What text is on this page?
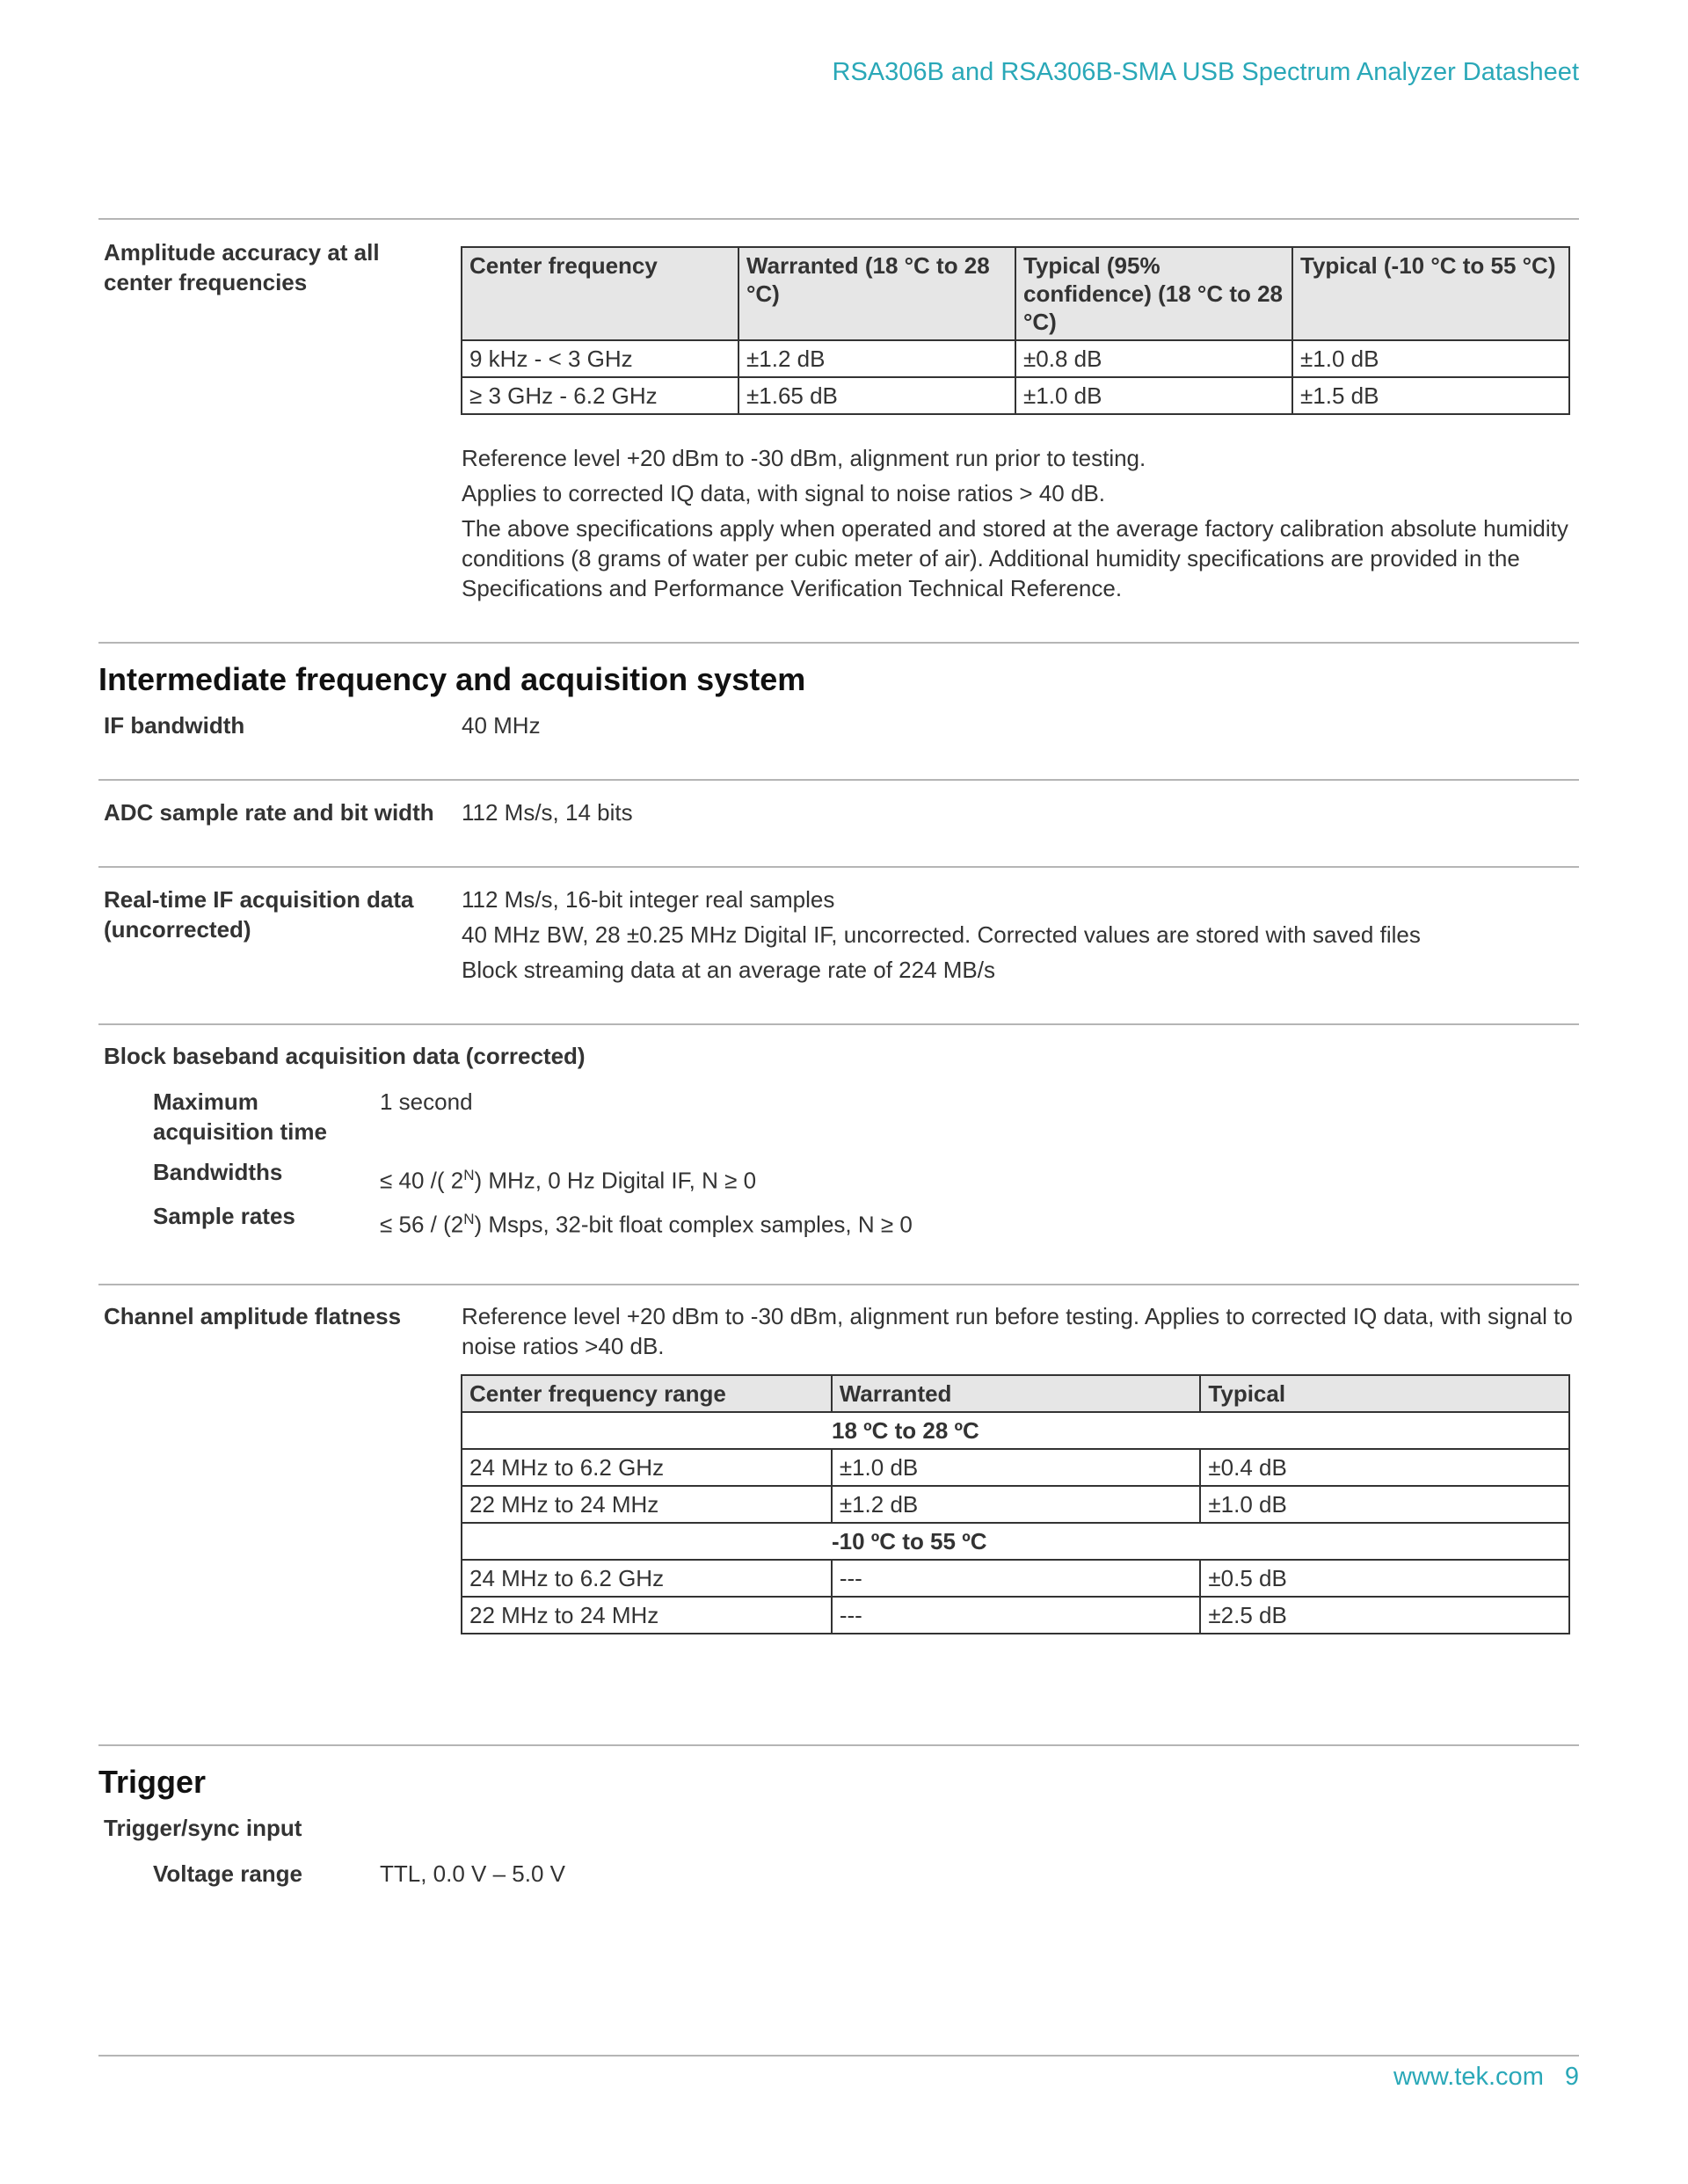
RSA306B and RSA306B-SMA USB Spectrum Analyzer Datasheet
Amplitude accuracy at all center frequencies
Center frequency	Warranted (18 °C to 28 °C)	Typical (95% confidence) (18 °C to 28 °C)	Typical (-10 °C to 55 °C)
9 kHz - < 3 GHz	±1.2 dB	±0.8 dB	±1.0 dB
≥ 3 GHz - 6.2 GHz	±1.65 dB	±1.0 dB	±1.5 dB
Reference level +20 dBm to -30 dBm, alignment run prior to testing.
Applies to corrected IQ data, with signal to noise ratios > 40 dB.
The above specifications apply when operated and stored at the average factory calibration absolute humidity conditions (8 grams of water per cubic meter of air). Additional humidity specifications are provided in the Specifications and Performance Verification Technical Reference.
Intermediate frequency and acquisition system
IF bandwidth	40 MHz
ADC sample rate and bit width 112 Ms/s, 14 bits
Real-time IF acquisition data (uncorrected)
112 Ms/s, 16-bit integer real samples
40 MHz BW, 28 ±0.25 MHz Digital IF, uncorrected. Corrected values are stored with saved files
Block streaming data at an average rate of 224 MB/s
Block baseband acquisition data (corrected)
Maximum acquisition time
1 second
Bandwidths	≤ 40 /( $2^N$) MHz, 0 Hz Digital IF, N ≥ 0
Sample rates	≤ $56 / (2^N)$ Msps, 32-bit float complex samples, N ≥ 0
Channel amplitude flatness	Reference level +20 dBm to -30 dBm, alignment run before testing. Applies to corrected IQ data, with signal to noise ratios >40 dB.
Center frequency range	Warranted	Typical
18 ºC to 28 ºC		
24 MHz to 6.2 GHz	±1.0 dB	±0.4 dB
22 MHz to 24 MHz	±1.2 dB	±1.0 dB
-10 ºC to 55 ºC		
24 MHz to 6.2 GHz	---	±0.5 dB
22 MHz to 24 MHz	---	±2.5 dB
Trigger
Trigger/sync input
Voltage range	TTL, 0.0 V – 5.0 V
www.tek.com 9
